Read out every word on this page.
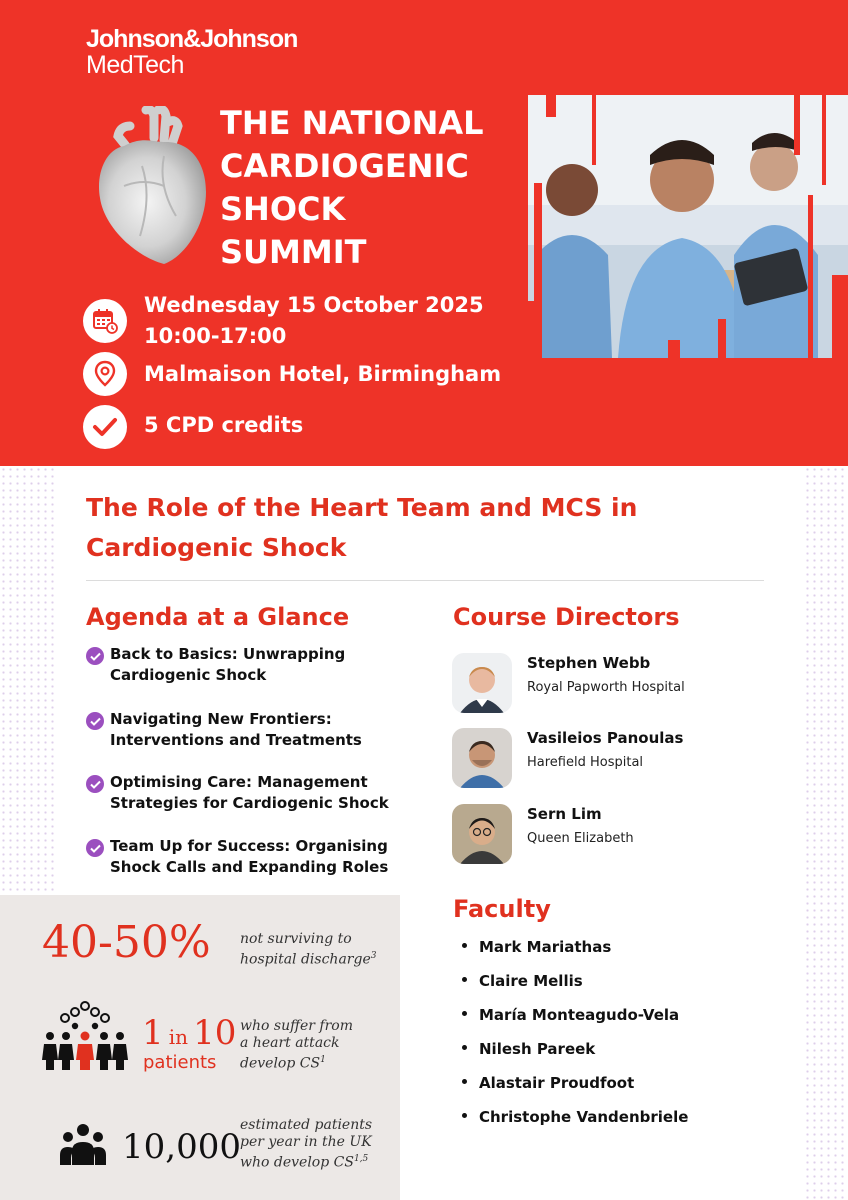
Johnson&Johnson
MedTech
THE NATIONAL
CARDIOGENIC
SHOCK
SUMMIT
Wednesday 15 October 2025
10:00-17:00
Malmaison Hotel, Birmingham
5 CPD credits
The Role of the Heart Team and MCS in Cardiogenic Shock
Agenda at a Glance
Back to Basics: Unwrapping
Cardiogenic Shock
Navigating New Frontiers:
Interventions and Treatments
Optimising Care: Management
Strategies for Cardiogenic Shock
Team Up for Success: Organising
Shock Calls and Expanding Roles
Course Directors
Stephen Webb
Royal Papworth Hospital
Vasileios Panoulas
Harefield Hospital
Sern Lim
Queen Elizabeth
Faculty
Mark Mariathas
Claire Mellis
María Monteagudo-Vela
Nilesh Pareek
Alastair Proudfoot
Christophe Vandenbriele
40-50% not surviving to
hospital discharge$^3$
1 in 10
patients
who suffer from
a heart attack
develop $CS^1$
10,000
estimated patients
per year in the UK
who develop CS$^{1,5}$
